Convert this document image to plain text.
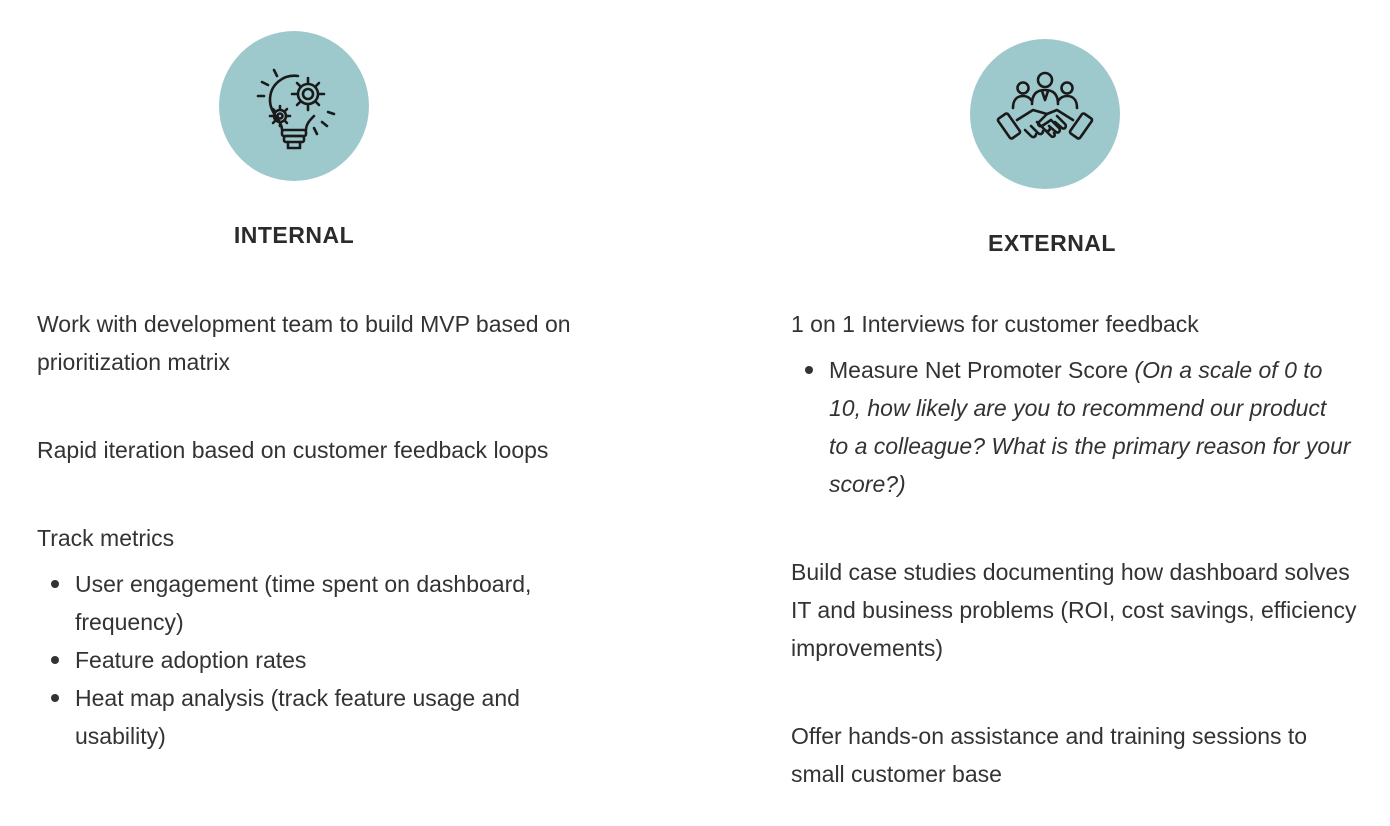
INTERNAL

Work with development team to build MVP based on prioritization matrix

Rapid iteration based on customer feedback loops

Track metrics

User engagement (time spent on dashboard, frequency)
Feature adoption rates
Heat map analysis (track feature usage and usability)
EXTERNAL

1 on 1 Interviews for customer feedback

Measure Net Promoter Score (On a scale of 0 to 10, how likely are you to recommend our product to a colleague? What is the primary reason for your score?)

Build case studies documenting how dashboard solves IT and business problems (ROI, cost savings, efficiency improvements)

Offer hands-on assistance and training sessions to small customer base
